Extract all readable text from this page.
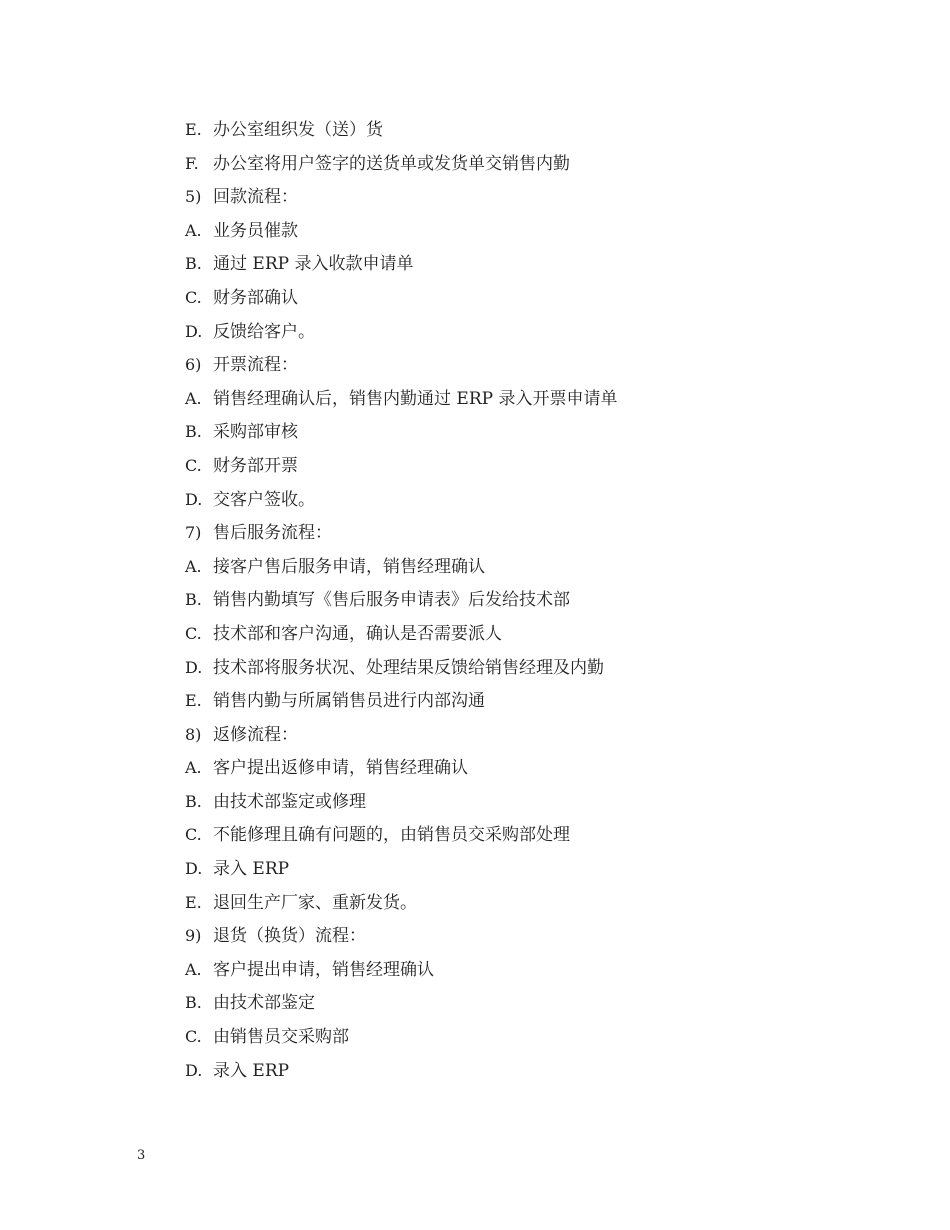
E. 办公室组织发（送）货
F. 办公室将用户签字的送货单或发货单交销售内勤
5) 回款流程：
A. 业务员催款
B. 通过 ERP 录入收款申请单
C. 财务部确认
D. 反馈给客户。
6) 开票流程：
A. 销售经理确认后，销售内勤通过 ERP 录入开票申请单
B. 采购部审核
C. 财务部开票
D. 交客户签收。
7) 售后服务流程：
A. 接客户售后服务申请，销售经理确认
B. 销售内勤填写《售后服务申请表》后发给技术部
C. 技术部和客户沟通，确认是否需要派人
D. 技术部将服务状况、处理结果反馈给销售经理及内勤
E. 销售内勤与所属销售员进行内部沟通
8) 返修流程：
A. 客户提出返修申请，销售经理确认
B. 由技术部鉴定或修理
C. 不能修理且确有问题的，由销售员交采购部处理
D. 录入 ERP
E. 退回生产厂家、重新发货。
9) 退货（换货）流程：
A. 客户提出申请，销售经理确认
B. 由技术部鉴定
C. 由销售员交采购部
D. 录入 ERP
3
